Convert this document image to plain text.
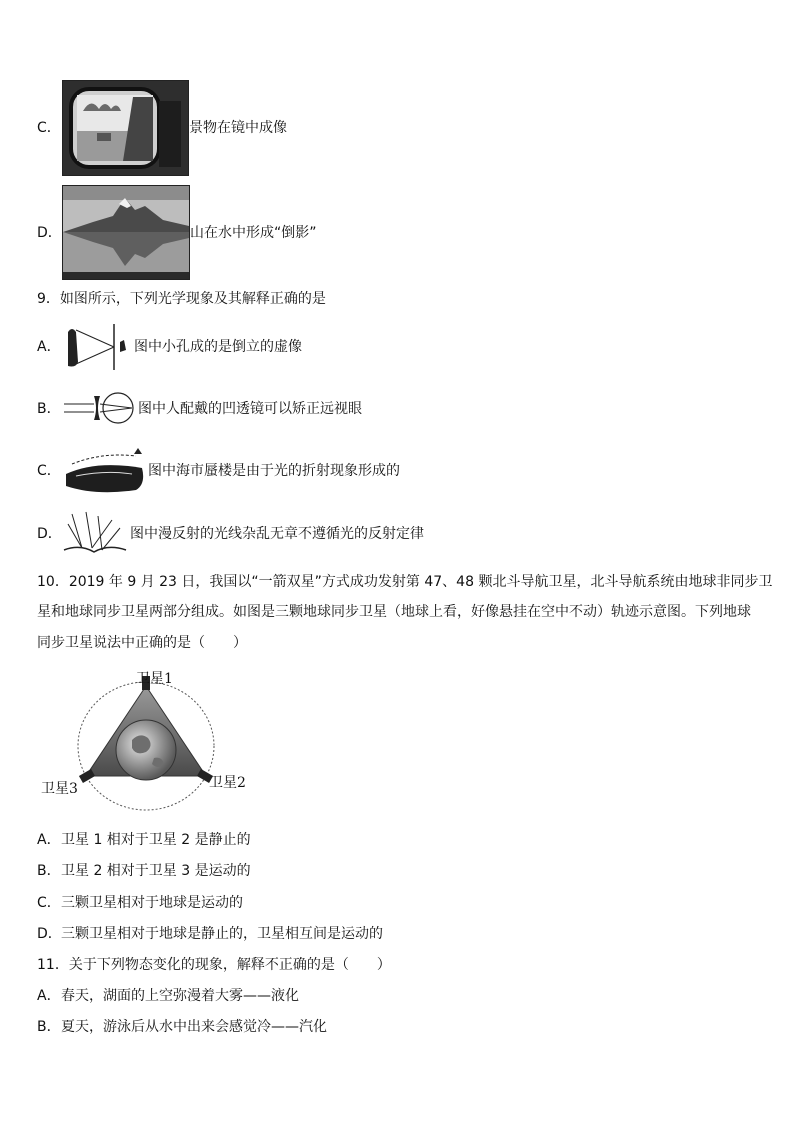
C．	景物在镜中成像
D．	山在水中形成“倒影”
9．如图所示，下列光学现象及其解释正确的是
A．	图中小孔成的是倒立的虚像
B．	图中人配戴的凹透镜可以矫正远视眼
C．	图中海市蜃楼是由于光的折射现象形成的
D．	图中漫反射的光线杂乱无章不遵循光的反射定律
10．2019 年 9 月 23 日，我国以“一箭双星”方式成功发射第 47、48 颗北斗导航卫星，北斗导航系统由地球非同步卫
星和地球同步卫星两部分组成。如图是三颗地球同步卫星（地球上看，好像悬挂在空中不动）轨迹示意图。下列地球
同步卫星说法中正确的是（　　）
卫星1
卫星2
卫星3
A．卫星 1 相对于卫星 2 是静止的
B．卫星 2 相对于卫星 3 是运动的
C．三颗卫星相对于地球是运动的
D．三颗卫星相对于地球是静止的，卫星相互间是运动的
11．关于下列物态变化的现象，解释不正确的是（　　）
A．春天，湖面的上空弥漫着大雾——液化
B．夏天，游泳后从水中出来会感觉冷——汽化
